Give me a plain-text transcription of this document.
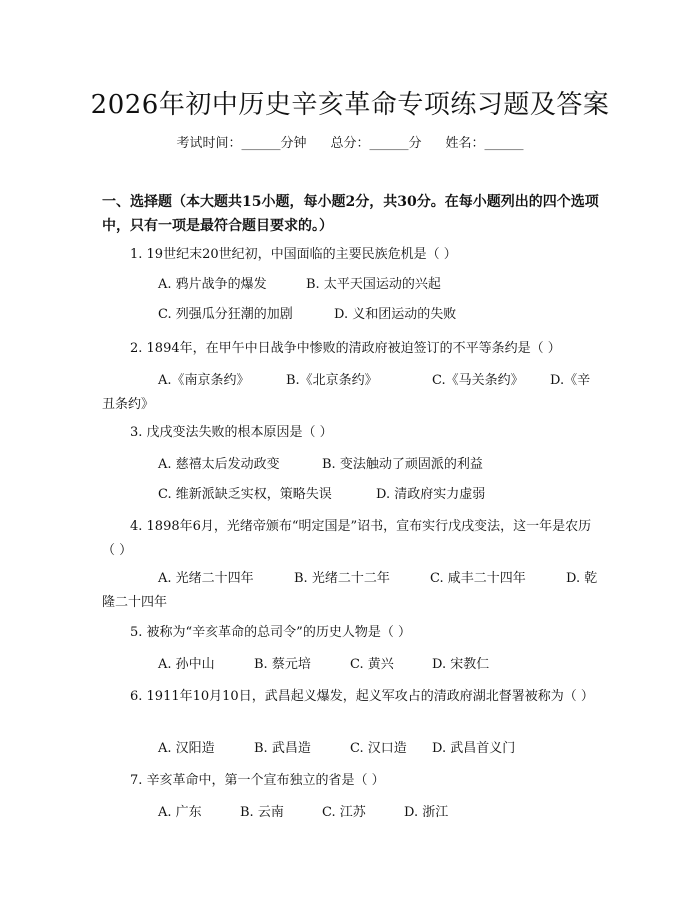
2026年初中历史辛亥革命专项练习题及答案
考试时间：______分钟 总分：______分 姓名：______
一、选择题（本大题共15小题，每小题2分，共30分。在每小题列出的四个选项中，只有一项是最符合题目要求的。）
1. 19世纪末20世纪初，中国面临的主要民族危机是（ ）
A. 鸦片战争的爆发	B. 太平天国运动的兴起
C. 列强瓜分狂潮的加剧	D. 义和团运动的失败
2. 1894年，在甲午中日战争中惨败的清政府被迫签订的不平等条约是（ ）
A.《南京条约》	B.《北京条约》	C.《马关条约》 D.《辛丑条约》
3. 戊戌变法失败的根本原因是（ ）
A. 慈禧太后发动政变	B. 变法触动了顽固派的利益
C. 维新派缺乏实权，策略失误	D. 清政府实力虚弱
4. 1898年6月，光绪帝颁布“明定国是”诏书，宣布实行戊戌变法，这一年是农历（ ）
A. 光绪二十四年	B. 光绪二十二年	C. 咸丰二十四年	D. 乾隆二十四年
5. 被称为“辛亥革命的总司令”的历史人物是（ ）
A. 孙中山	B. 蔡元培	C. 黄兴	D. 宋教仁
6. 1911年10月10日，武昌起义爆发，起义军攻占的清政府湖北督署被称为（ ）
A. 汉阳造	B. 武昌造	C. 汉口造 D. 武昌首义门
7. 辛亥革命中，第一个宣布独立的省是（ ）
A. 广东	B. 云南	C. 江苏	D. 浙江
